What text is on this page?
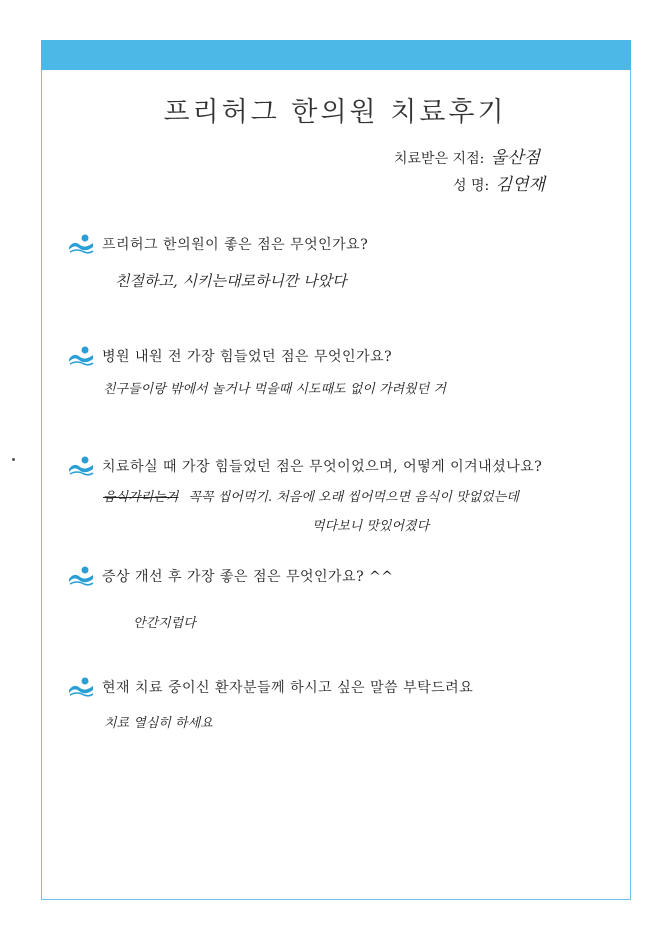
프리허그 한의원 치료후기
치료받은 지점: 울산점
성 명: 김연재
프리허그 한의원이 좋은 점은 무엇인가요?
친절하고, 시키는대로하니깐 나았다
병원 내원 전 가장 힘들었던 점은 무엇인가요?
친구들이랑 밖에서 놀거나 먹을때 시도때도 없이 가려웠던 거
치료하실 때 가장 힘들었던 점은 무엇이었으며, 어떻게 이겨내셨나요?
음식가리는거 꼭꼭 씹어먹기. 처음에 오래 씹어먹으면 음식이 맛없었는데
먹다보니 맛있어졌다
증상 개선 후 가장 좋은 점은 무엇인가요? ^^
안간지럽다
현재 치료 중이신 환자분들께 하시고 싶은 말씀 부탁드려요
치료 열심히 하세요
